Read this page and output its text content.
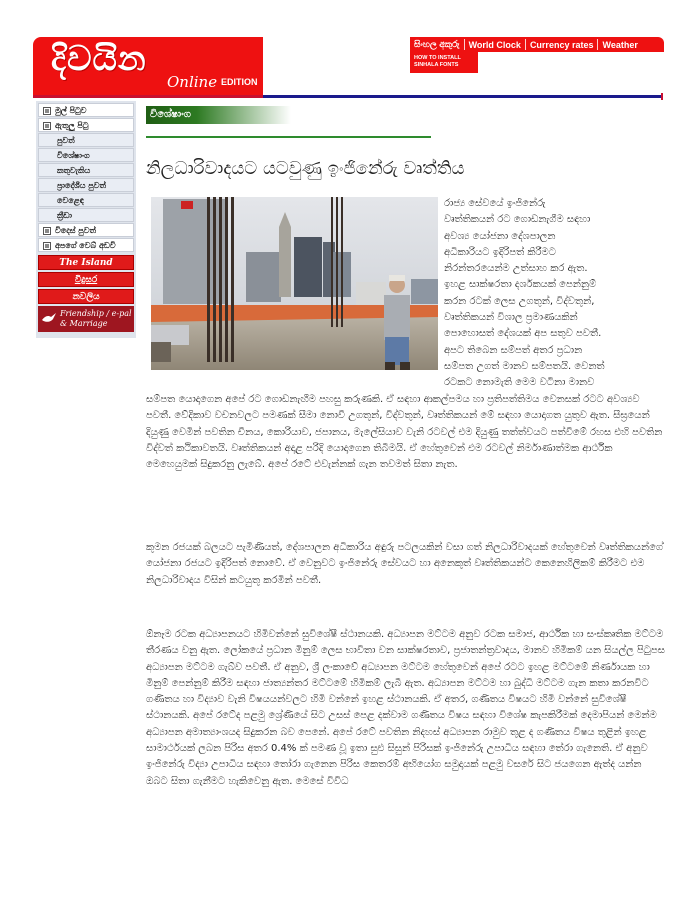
දිවයින
Online EDITION
සිංහල අකුරු	World Clock	Currency rates	Weather
HOW TO INSTALL
SINHALA FONTS
මුල් පිටුව
ඇතුලු පිටු
පුවත්
විශේෂාංග
කතුවැකිය
ප්‍රාදේශීය පුවත්
වෙළෙඳ
ක්‍රීඩා
විදෙස් පුවත්
අපගේ වෙබ් අඩවි
The Island
විදුසර
නවලිය
Friendship / e-pal
& Marriage
විශේෂාංග
නිලධාරිවාදයට යටවුණු ඉංජිනේරු වෘත්තිය
රාජ්‍ය සේවයේ ඉංජිනේරු
වෘත්තිකයන් රට ගොඩනැගීම සඳහා
අවශ්‍ය යෝජනා දේශපාලන
අධිකාරියට ඉදිරිපත් කිරීමට
නිරන්තරයෙන්ම උත්සාහ කර ඇත.
ඉහළ සාක්ෂරතා දර්ශකයක් පෙන්නුම්
කරන රටක් ලෙස උගතුන්, විද්වතුන්,
වෘත්තිකයන් විශාල ප්‍රමාණයකින්
පොහොසත් දේශයක් අප සතුව පවතී.
අපට තිබෙන සම්පත් අතර ප්‍රධාන
සම්පත උගත් මානව සම්පතයි. වෙනත්
රටකට නොමැති මෙම වටිනා මානව

සම්පත යොදාගෙන අපේ රට ගොඩනැඟීම පහසු කරුණකි. ඒ සඳහා ආකල්පමය හා ප්‍රතිපත්තිමය වෙනසක් රටට අවශ්‍යව පවතී. වේදිකාව වචනවලට පමණක් සීමා නොවී උගතුන්, විද්වතුන්, වෘත්තිකයන් මේ සඳහා යොදාගත යුතුව ඇත. සීඝ්‍රයෙන් දියුණු වෙමින් පවතින චීනය, කොරියාව, ජපානය, මැලේසියාව වැනි රටවල් එම දියුණු තත්ත්වයට පත්වීමේ රහස එහි පවතින විද්වත් කථිකාවතයි. වෘත්තිකයන් අදාළ පරිදි යොදාගෙන තිබීමයි. ඒ හේතුවෙන් එම රටවල් නිර්මාණාත්මක ආර්ථික මෙහෙයුමක් සිදුකරනු ලැබේ. අපේ රටේ එවැන්නක් ගැන තවමත් සිතා නැත.

කුමන රජයක් බලයට පැමිණියත්, දේශපාලන අධිකාරිය අඳුරු පටලයකින් වසා ගත් නිලධාරිවාදයක් හේතුවෙන් වෘත්තිකයන්ගේ යෝජනා රජයට ඉදිරිපත් නොවේ. ඒ වෙනුවට ඉංජිනේරු සේවයට හා අනෙකුත් වෘත්තිකයන්ට කෙනෙහිලිකම් කිරීමට එම නිලධාරිවාදය විසින් කටයුතු කරමින් පවතී.

ඕනෑම රටක අධ්‍යාපනයට හිමිවන්නේ සුවිශේෂී ස්ථානයකි. අධ්‍යාපන මට්ටම අනුව රටක සමාජ, ආර්ථික හා සංස්කෘතික මට්ටම තීරණය වනු ඇත. ලෝකයේ ප්‍රධාන මිනුම් ලෙස භාවිතා වන සාක්ෂරතාව, ප්‍රජාතන්ත්‍රවාදය, මානව හිමිකම් යන සියල්ල පිටුපස අධ්‍යාපන මට්ටම ගැබ්ව පවතී. ඒ අනුව, ශ්‍රී ලංකාවේ අධ්‍යාපන මට්ටම හේතුවෙන් අපේ රටට ඉහළ මට්ටමේ නිර්ණායක හා මිනුම් පෙන්නුම් කිරීම සඳහා ජාත්‍යන්තර මට්ටමේ හිමිකම් ලැබී ඇත. අධ්‍යාපන මට්ටම හා බුද්ධි මට්ටම ගැන කතා කරනවිට ගණිතය හා විද්‍යාව වැනි විෂයයන්වලට හිමි වන්නේ ඉහළ ස්ථානයකි. ඒ අතර, ගණිතය විෂයට හිමි වන්නේ සුවිශේෂී ස්ථානයකි. අපේ රටේද පළමු ශ්‍රේණියේ සිට උසස් පෙළ දක්වාම ගණිතය විෂය සඳහා විශේෂ කැපකිරීමක් දෙමාපියන් මෙන්ම අධ්‍යාපන අමාත්‍යාංශයද සිදුකරන බව පෙනේ. අපේ රටේ පවතින නිදහස් අධ්‍යාපන රාමුව තුළ ද ගණිතය විෂය තුළින් ඉහළ සාමාර්ථයක් ලබන පිරිස අතර 0.4% ක් පමණ වූ ඉතා සුළු සිසුන් පිරිසක් ඉංජිනේරු උපාධිය සඳහා තේරා ගැනෙති. ඒ අනුව ඉංජිනේරු විද්‍යා උපාධිය සඳහා තෝරා ගැනෙන පිරිස කෙතරම් අභියෝග සමුදායක් පළමු වසරේ සිට ජයගෙන ඇත්ද යන්න ඔබට සිතා ගැනීමට හැකිවෙනු ඇත. මෙසේ විවිධ
